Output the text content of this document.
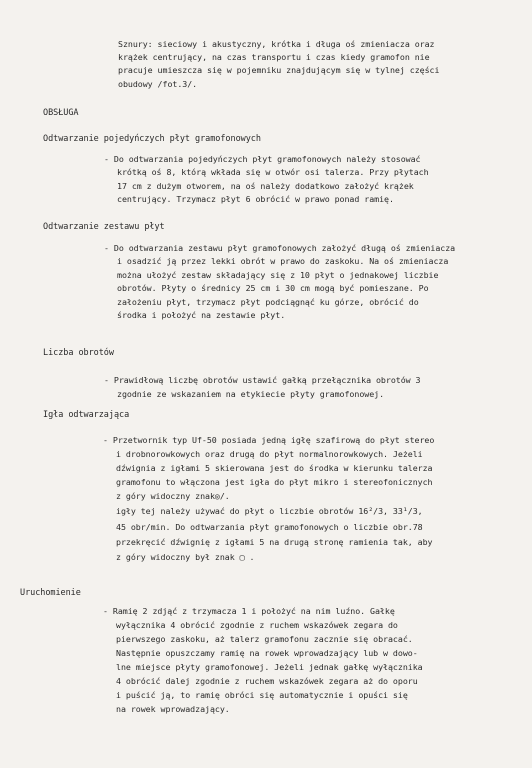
Sznury: sieciowy i akustyczny, krótka i długa oś zmieniacza oraz
krążek centrujący, na czas transportu i czas kiedy gramofon nie
pracuje umieszcza się w pojemniku znajdującym się w tylnej części
obudowy /fot.3/.
OBSŁUGA
Odtwarzanie pojedyńczych płyt gramofonowych
- Do odtwarzania pojedyńczych płyt gramofonowych należy stosować
krótką oś 8, którą wkłada się w otwór osi talerza. Przy płytach
17 cm z dużym otworem, na oś należy dodatkowo założyć krążek
centrujący. Trzymacz płyt 6 obrócić w prawo ponad ramię.
Odtwarzanie zestawu płyt
- Do odtwarzania zestawu płyt gramofonowych założyć długą oś zmieniacza
i osadzić ją przez lekki obrót w prawo do zaskoku. Na oś zmieniacza
można ułożyć zestaw składający się z 10 płyt o jednakowej liczbie
obrotów. Płyty o średnicy 25 cm i 30 cm mogą być pomieszane. Po
założeniu płyt, trzymacz płyt podciągnąć ku górze, obrócić do
środka i położyć na zestawie płyt.
Liczba obrotów
- Prawidłową liczbę obrotów ustawić gałką przełącznika obrotów 3
zgodnie ze wskazaniem na etykiecie płyty gramofonowej.
Igła odtwarzająca
- Przetwornik typ Uf-50 posiada jedną igłę szafirową do płyt stereo
i drobnorowkowych oraz drugą do płyt normalnorowkowych. Jeżeli
dźwignia z igłami 5 skierowana jest do środka w kierunku talerza
gramofonu to włączona jest igła do płyt mikro i stereofonicznych
z góry widoczny znak◎/.
igły tej należy używać do płyt o liczbie obrotów 16²/3, 33¹/3,
45 obr/min. Do odtwarzania płyt gramofonowych o liczbie obr.78
przekręcić dźwignię z igłami 5 na drugą stronę ramienia tak, aby
z góry widoczny był znak ▢ .
Uruchomienie
- Ramię 2 zdjąć z trzymacza 1 i położyć na nim luźno. Gałkę
wyłącznika 4 obrócić zgodnie z ruchem wskazówek zegara do
pierwszego zaskoku, aż talerz gramofonu zacznie się obracać.
Następnie opuszczamy ramię na rowek wprowadzający lub w dowo-
lne miejsce płyty gramofonowej. Jeżeli jednak gałkę wyłącznika
4 obrócić dalej zgodnie z ruchem wskazówek zegara aż do oporu
i puścić ją, to ramię obróci się automatycznie i opuści się
na rowek wprowadzający.
